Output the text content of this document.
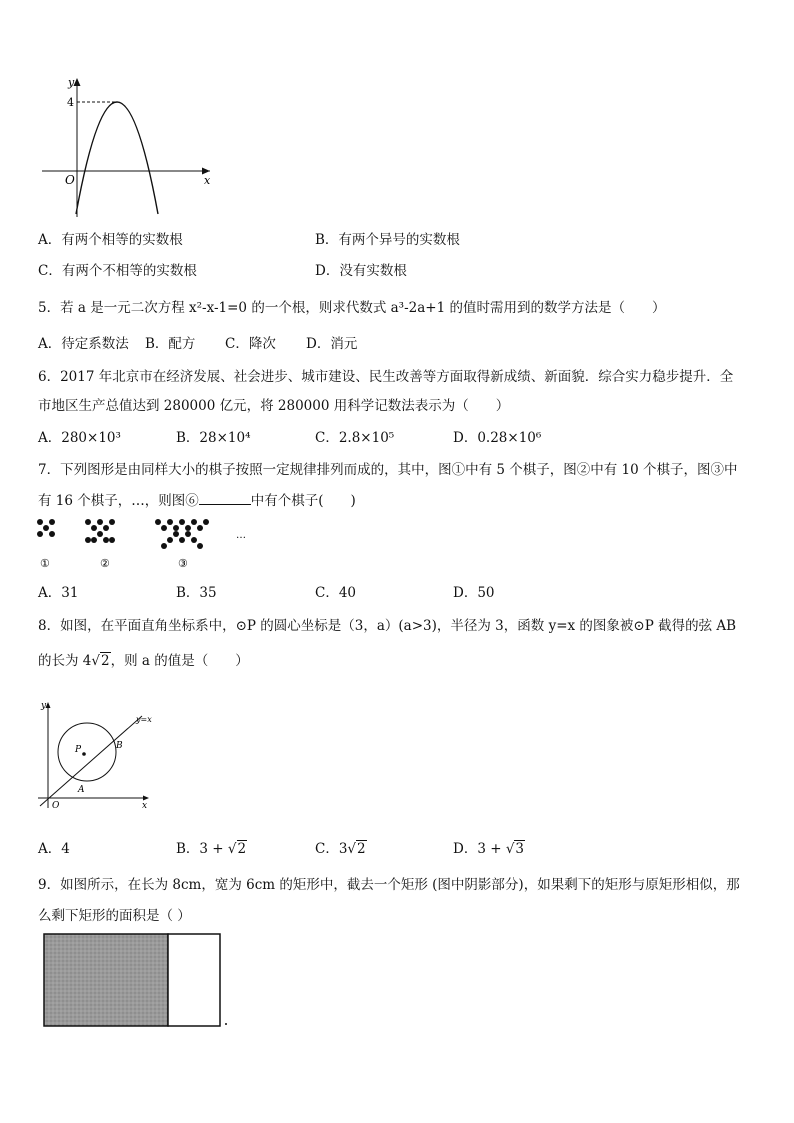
y
x
O
4
A．有两个相等的实数根	B．有两个异号的实数根
C．有两个不相等的实数根	D．没有实数根
5．若 a 是一元二次方程 x²-x-1=0 的一个根，则求代数式 a³-2a+1 的值时需用到的数学方法是（　　）
A．待定系数法 B．配方 C．降次 D．消元
6．2017 年北京市在经济发展、社会进步、城市建设、民生改善等方面取得新成绩、新面貌．综合实力稳步提升．全
市地区生产总值达到 280000 亿元，将 280000 用科学记数法表示为（　　）
A．280×10³	B．28×10⁴	C．2.8×10⁵	D．0.28×10⁶
7．下列图形是由同样大小的棋子按照一定规律排列而成的，其中，图①中有 5 个棋子，图②中有 10 个棋子，图③中
有 16 个棋子，…，则图⑥	中有个棋子(　　)
①	②	③
…
A．31	B．35	C．40	D．50
8．如图，在平面直角坐标系中，⊙P 的圆心坐标是（3，a）(a>3)，半径为 3，函数 y=x 的图象被⊙P 截得的弦 AB
的长为 4√2，则 a 的值是（　　）
y
x
O
y=x
P
A
B
A．4	B．3 + √2	C．3√2	D．3 + √3
9．如图所示，在长为 8cm，宽为 6cm 的矩形中，截去一个矩形 (图中阴影部分)，如果剩下的矩形与原矩形相似，那
么剩下矩形的面积是（ ）
